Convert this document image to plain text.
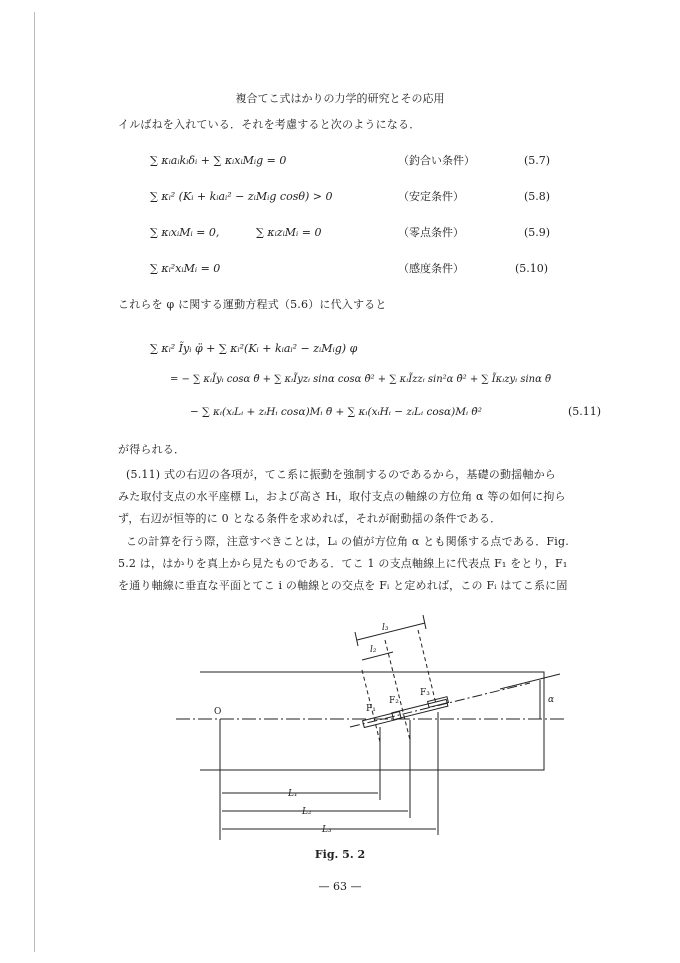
複合てこ式はかりの力学的研究とその応用
イルばねを入れている．それを考慮すると次のようになる．
∑ κᵢaᵢkᵢδᵢ + ∑ κᵢxᵢMᵢg = 0	（釣合い条件）	(5.7)
∑ κᵢ² (Kᵢ + kᵢaᵢ² − zᵢMᵢg cosθ) > 0	（安定条件）	(5.8)
∑ κᵢxᵢMᵢ = 0,	∑ κᵢzᵢMᵢ = 0	（零点条件）	(5.9)
∑ κᵢ²xᵢMᵢ = 0	（感度条件）	(5.10)
これらを φ に関する運動方程式（5.6）に代入すると
∑ κᵢ² Ĩyᵢ φ̈ + ∑ κᵢ²(Kᵢ + kᵢaᵢ² − zᵢMᵢg) φ
= − ∑ κᵢĨyᵢ cosα θ̈ + ∑ κᵢĨyzᵢ sinα cosα θ̇² + ∑ κᵢĨzzᵢ sin²α θ̇² + ∑ Ĩκᵢzyᵢ sinα θ̈
− ∑ κᵢ(xᵢLᵢ + zᵢHᵢ cosα)Mᵢ θ̈ + ∑ κᵢ(xᵢHᵢ − zᵢLᵢ cosα)Mᵢ θ̇²	(5.11)
が得られる．
(5.11) 式の右辺の各項が，てこ系に振動を強制するのであるから，基礎の動揺軸から
みた取付支点の水平座標 Lᵢ，および高さ Hᵢ，取付支点の軸線の方位角 α 等の如何に拘ら
ず，右辺が恒等的に 0 となる条件を求めれば，それが耐動揺の条件である．
この計算を行う際，注意すべきことは，Lᵢ の値が方位角 α とも関係する点である．Fig.
5.2 は，はかりを真上から見たものである．てこ 1 の支点軸線上に代表点 F₁ をとり，F₁
を通り軸線に垂直な平面とてこ i の軸線との交点を Fᵢ と定めれば，この Fᵢ はてこ系に固
O
α
F₁
F₂
F₃
l₃
l₂
L₁
L₂
L₃
Fig. 5. 2
— 63 —
